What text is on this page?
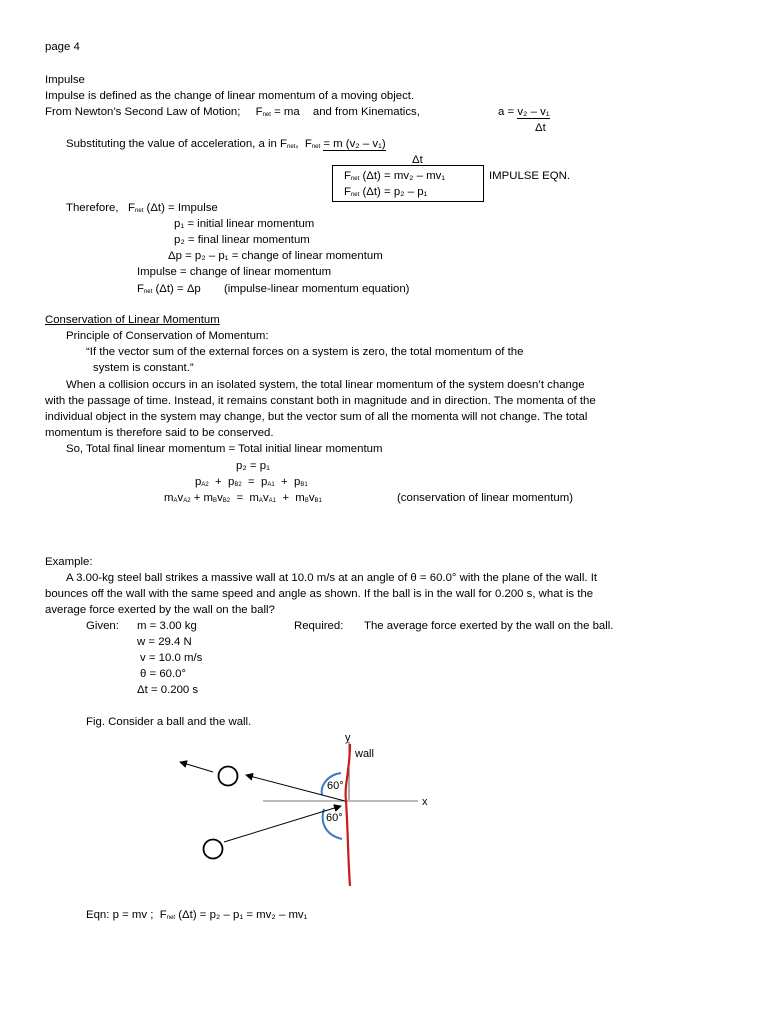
page 4
Impulse
Impulse is defined as the change of linear momentum of a moving object.
From Newton’s Second Law of Motion; $F_{net}$ = ma and from Kinematics,	a = v₂ – v₁
Δt
Substituting the value of acceleration, a in $F_{net}$,  $F_{net} = m$ (v₂ – v₁)
Δt
$F_{net}$ (Δt) = mv₂ – mv₁
$F_{net}$ (Δt) = p₂ – p₁
IMPULSE EQN.
Therefore,   $F_{net}$ (Δt) = Impulse
p₁ = initial linear momentum
p₂ = final linear momentum
Δp = p₂ – p₁ = change of linear momentum
Impulse = change of linear momentum
$F_{net}$ (Δt) = Δp (impulse-linear momentum equation)
Conservation of Linear Momentum
Principle of Conservation of Momentum:
“If the vector sum of the external forces on a system is zero, the total momentum of the
system is constant.”
When a collision occurs in an isolated system, the total linear momentum of the system doesn’t change
with the passage of time. Instead, it remains constant both in magnitude and in direction. The momenta of the
individual object in the system may change, but the vector sum of all the momenta will not change. The total
momentum is therefore said to be conserved.
So, Total final linear momentum = Total initial linear momentum
p₂ = p₁
$p_{A2} + p_{B2} = p_{A1} + p_{B1}$
$m_Av_{A2} + m_Bv_{B2} = m_Av_{A1} + m_Bv_{B1}$	(conservation of linear momentum)
Example:
A 3.00-kg steel ball strikes a massive wall at 10.0 m/s at an angle of θ = 60.0° with the plane of the wall. It
bounces off the wall with the same speed and angle as shown. If the ball is in the wall for 0.200 s, what is the
average force exerted by the wall on the ball?
Given: m = 3.00 kg
w = 29.4 N
v = 10.0 m/s
θ = 60.0°
Δt = 0.200 s
Required: The average force exerted by the wall on the ball.
Fig. Consider a ball and the wall.
y
x
wall
60°
60°
Eqn: p = mv ;  $F_{net}$ (Δt) = p₂ – p₁ = mv₂ – mv₁
